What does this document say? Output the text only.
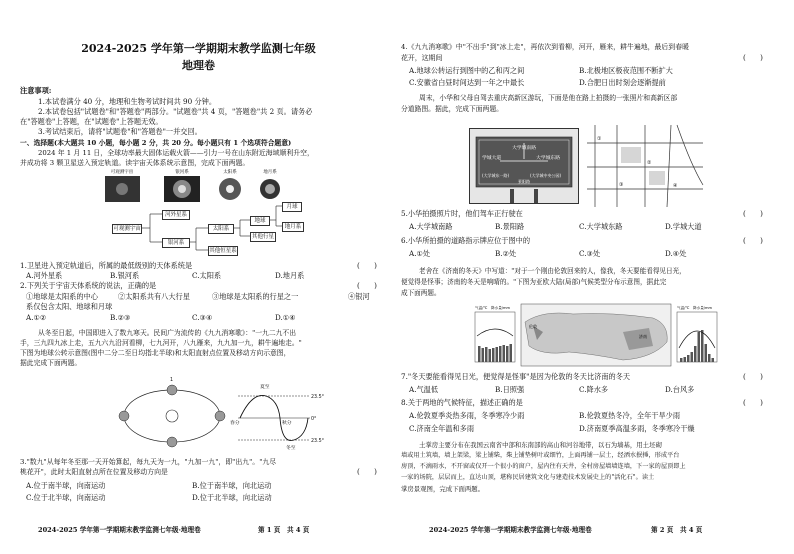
2024-2025 学年第一学期期末教学监测七年级
地理卷
注意事项:
1.本试卷满分 40 分，地理和生物考试时间共 90 分钟。
2.本试卷包括"试题卷"和"答题卷"两部分。"试题卷"共 4 页，"答题卷"共 2 页。请务必
在"答题卷"上答题，在"试题卷"上答题无效。
3.考试结束后，请将"试题卷"和"答题卷"一并交回。
一、选择题(本大题共 10 小题，每小题 2 分，共 20 分。每小题只有 1 个选项符合题意)
2024 年 1 月 11 日，全球功率最大固体运载火箭——引力一号在山东附近海域顺利升空，
并成功将 3 颗卫星送入预定轨道。读宇宙天体系统示意图，完成下面两题。
可观测宇宙	银河系	太阳系	地月系
可观测宇宙
河外星系
银河系
太阳系
其他恒星系
地球
其他行星
月球
地月系
1.卫星进入预定轨道后，所属的最低级别的天体系统是	(　　)
A.河外星系	B.银河系	C.太阳系	D.地月系
2.下列关于宇宙天体系统的说法，正确的是	(　　)
①地球是太阳系的中心	②太阳系共有八大行星	③地球是太阳系的行星之一	④银河
系仅包含太阳、地球和月球
A.①②	B.②③	C.③④	D.①④
从冬至日起，中国即进入了数九寒天。民间广为流传的《九九消寒歌》："一九二九不出
手，三九四九冰上走，五九六九沿河看柳，七九河开，八九雁来，九九加一九，耕牛遍地走。"
下图为地球公转示意图(图中二分二至日均指北半球)和太阳直射点位置及移动方向示意图，
据此完成下面两题。
夏至
春分	秋分
冬至
23.5°
0°
23.5°
1
3."数九"从每年冬至那一天开始算起，每九天为一九，"九加一九"，即"出九"。"九尽
桃花开"，此时太阳直射点所在位置及移动方向是	(　　)
A.位于南半球，向南运动	B.位于南半球，向北运动
C.位于北半球，向南运动	D.位于北半球，向北运动
2024-2025 学年第一学期期末教学监测七年级·地理卷	第 1 页　共 4 页
4.《九九消寒歌》中"不出手"到"冰上走"，再依次到看柳，河开，雁来，耕牛遍地，最后到春暖
花开，这期间	(　　)
A.地球公转运行到图中的乙和丙之间	B.北极地区极夜范围不断扩大
C.安徽省白昼时间达到一年之中最长	D.合肥日出时刻会逐渐提前
周末，小华和父母自驾去重庆高新区游玩，下面是他在路上拍摄的一张照片和高新区部
分道路图。据此，完成下面两题。
大学城南路
学城大道	大学城东路
(大学城东一路)	(大学城中央公园)
景阳路
①
②
③	④
5.小华拍摄照片时，他们驾车正行驶在	(　　)
A.大学城南路	B.景阳路	C.大学城东路	D.学城大道
6.小华所拍摄的道路指示牌应位于图中的	(　　)
A.①处	B.②处	C.③处	D.④处
老舍在《济南的冬天》中写道："对于一个刚由伦敦回来的人，像我，冬天要能看得见日光，
便觉得是怪事；济南的冬天是响晴的。"下图为亚欧大陆(局部)气候类型分布示意图，据此完
成下面两题。
气温/℃　降水量/mm
伦敦
济南
气温/℃　降水量/mm
7."冬天要能看得见日光，便觉得是怪事"是因为伦敦的冬天比济南的冬天	(　　)
A.气温低	B.日照强	C.降水多	D.台风多
8.关于两地的气候特征，描述正确的是	(　　)
A.伦敦夏季炎热多雨，冬季寒冷少雨	B.伦敦夏热冬冷，全年干旱少雨
C.济南全年温和多雨	D.济南夏季高温多雨，冬季寒冷干燥
土掌房主要分布在我国云南省中部和东南部的高山和河谷地带，以石为墙基，用土坯砌
墙或用土筑墙，墙上架梁，梁上铺柴，柴上铺垫树叶或细竹，上面再铺一层土，经洒水抿捶，形成平台
房顶，不滴雨水，不开窗或仅开一个很小的窗户，屋内往有天井，全村房屋墙墙连墙，下一家的屋顶即上
一家的场院，层层而上，直达山顶，堪称民居建筑文化与建造技术发展史上的"活化石"。读土
掌房景观图，完成下面两题。
2024-2025 学年第一学期期末教学监测七年级·地理卷	第 2 页　共 4 页
